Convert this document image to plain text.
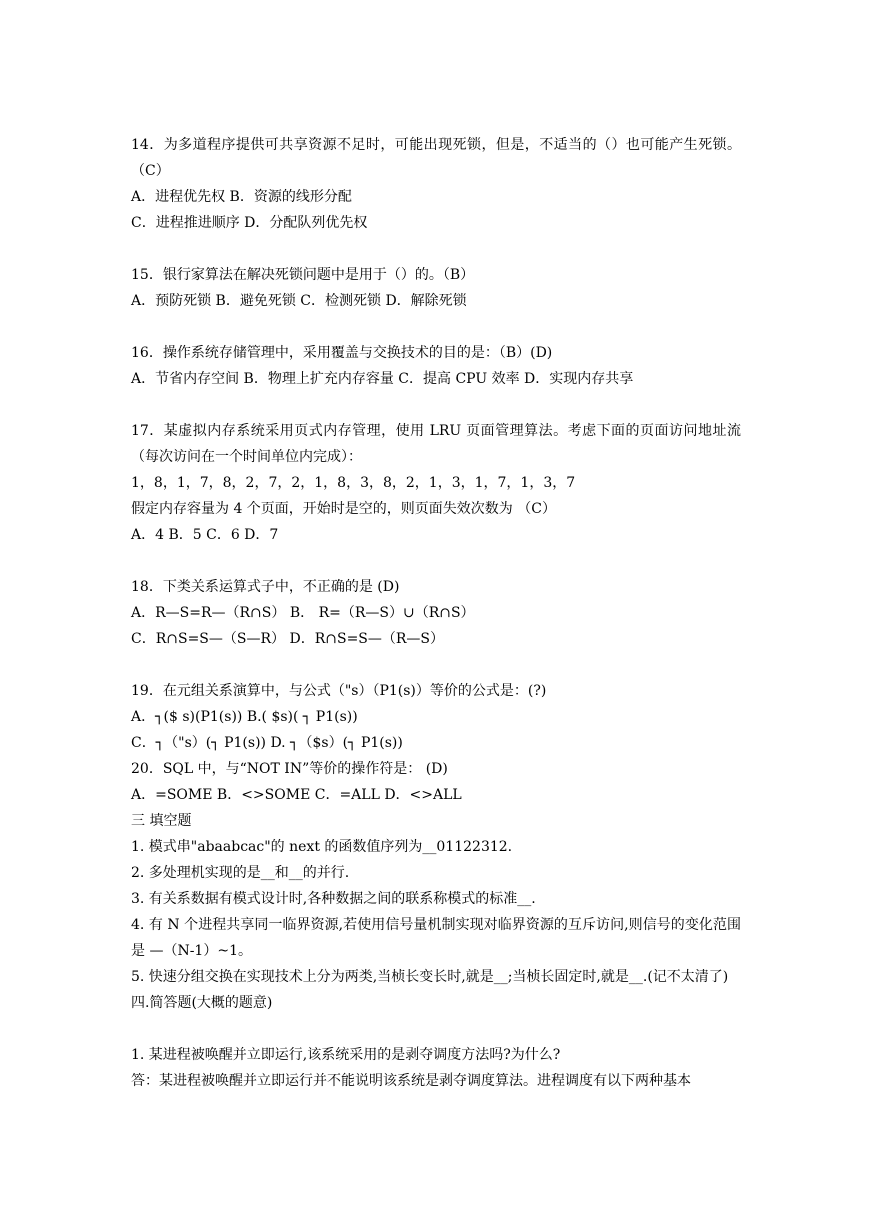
14．为多道程序提供可共享资源不足时，可能出现死锁，但是，不适当的（）也可能产生死锁。（C）
A．进程优先权 B．资源的线形分配
C．进程推进顺序 D．分配队列优先权
15．银行家算法在解决死锁问题中是用于（）的。（B）
A．预防死锁 B．避免死锁 C．检测死锁 D．解除死锁
16．操作系统存储管理中，采用覆盖与交换技术的目的是：（B）(D)
A．节省内存空间 B．物理上扩充内存容量 C．提高 CPU 效率 D．实现内存共享
17．某虚拟内存系统采用页式内存管理，使用 LRU 页面管理算法。考虑下面的页面访问地址流（每次访问在一个时间单位内完成）：
1，8，1，7，8，2，7，2，1，8，3，8，2，1，3，1，7，1，3，7
假定内存容量为 4 个页面，开始时是空的，则页面失效次数为 （C）
A．4 B．5 C．6 D．7
18．下类关系运算式子中，不正确的是 (D)
A．R—S=R—（R∩S） B． R=（R—S）∪（R∩S）
C．R∩S=S—（S—R） D．R∩S=S—（R—S）
19．在元组关系演算中，与公式（"s）（P1(s)）等价的公式是：(?)
A．┐($ s)(P1(s)) B.( $s)( ┐ P1(s))
C．┐（"s）(┐ P1(s)) D. ┐（$s）(┐ P1(s))
20．SQL 中，与“NOT IN”等价的操作符是： (D)
A．=SOME B．<>SOME C．=ALL D．<>ALL
三 填空题
1. 模式串"abaabcac"的 next 的函数值序列为__01122312.
2. 多处理机实现的是__和__的并行.
3. 有关系数据有模式设计时,各种数据之间的联系称模式的标准__.
4. 有 N 个进程共享同一临界资源,若使用信号量机制实现对临界资源的互斥访问,则信号的变化范围是 —（N-1）~1。
5. 快速分组交换在实现技术上分为两类,当桢长变长时,就是__;当桢长固定时,就是__.(记不太清了)
四.简答题(大概的题意)
1. 某进程被唤醒并立即运行,该系统采用的是剥夺调度方法吗?为什么?
答：某进程被唤醒并立即运行并不能说明该系统是剥夺调度算法。进程调度有以下两种基本
